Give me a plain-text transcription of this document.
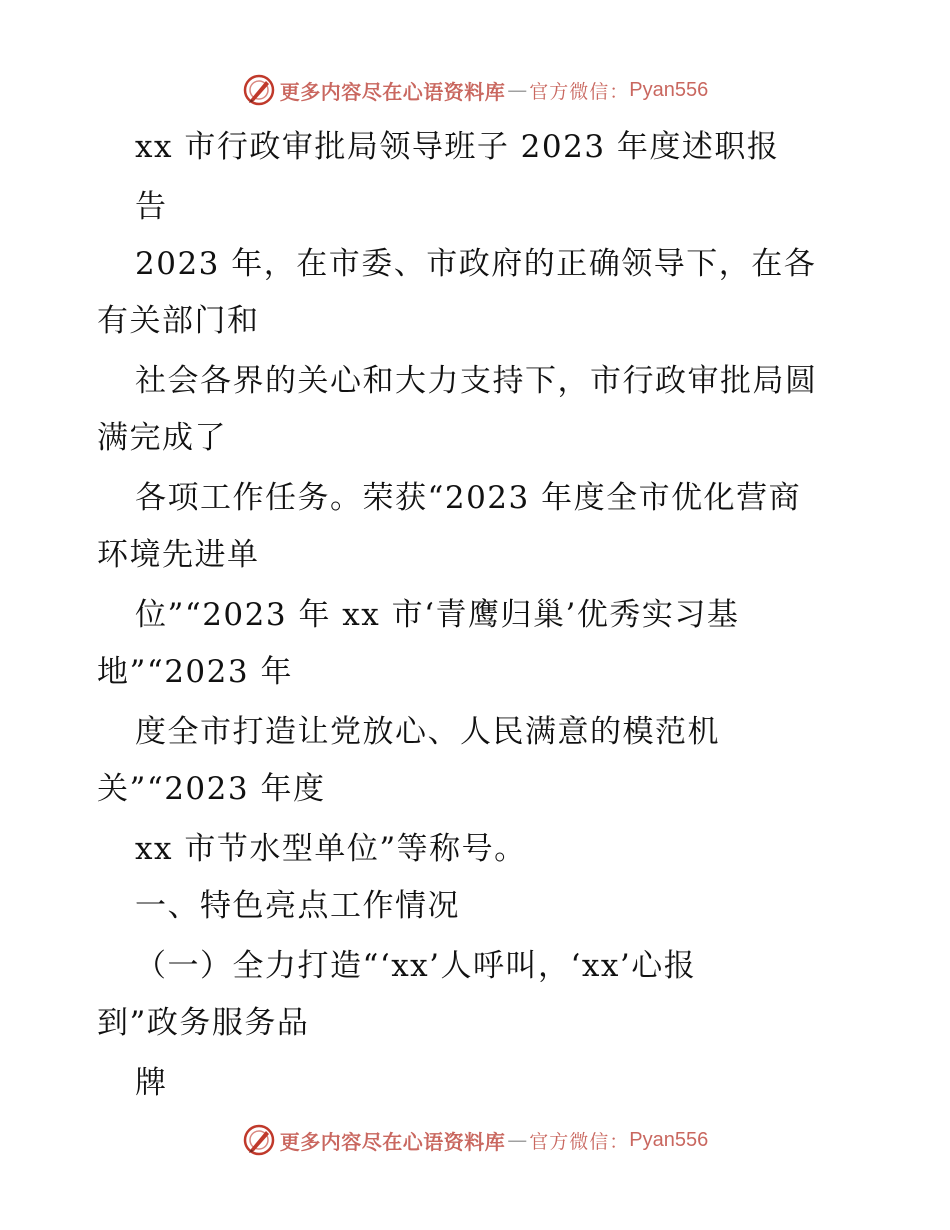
更多内容尽在心语资料库 — 官方微信： Pyan556
xx 市行政审批局领导班子 2023 年度述职报
告
2023 年，在市委、市政府的正确领导下，在各
有关部门和
社会各界的关心和大力支持下，市行政审批局圆
满完成了
各项工作任务。荣获“2023 年度全市优化营商
环境先进单
位”“2023 年 xx 市‘青鹰归巢’优秀实习基
地”“2023 年
度全市打造让党放心、人民满意的模范机
关”“2023 年度
xx 市节水型单位”等称号。
一、特色亮点工作情况
（一）全力打造“‘xx’人呼叫，‘xx’心报
到”政务服务品
牌
更多内容尽在心语资料库 — 官方微信： Pyan556
